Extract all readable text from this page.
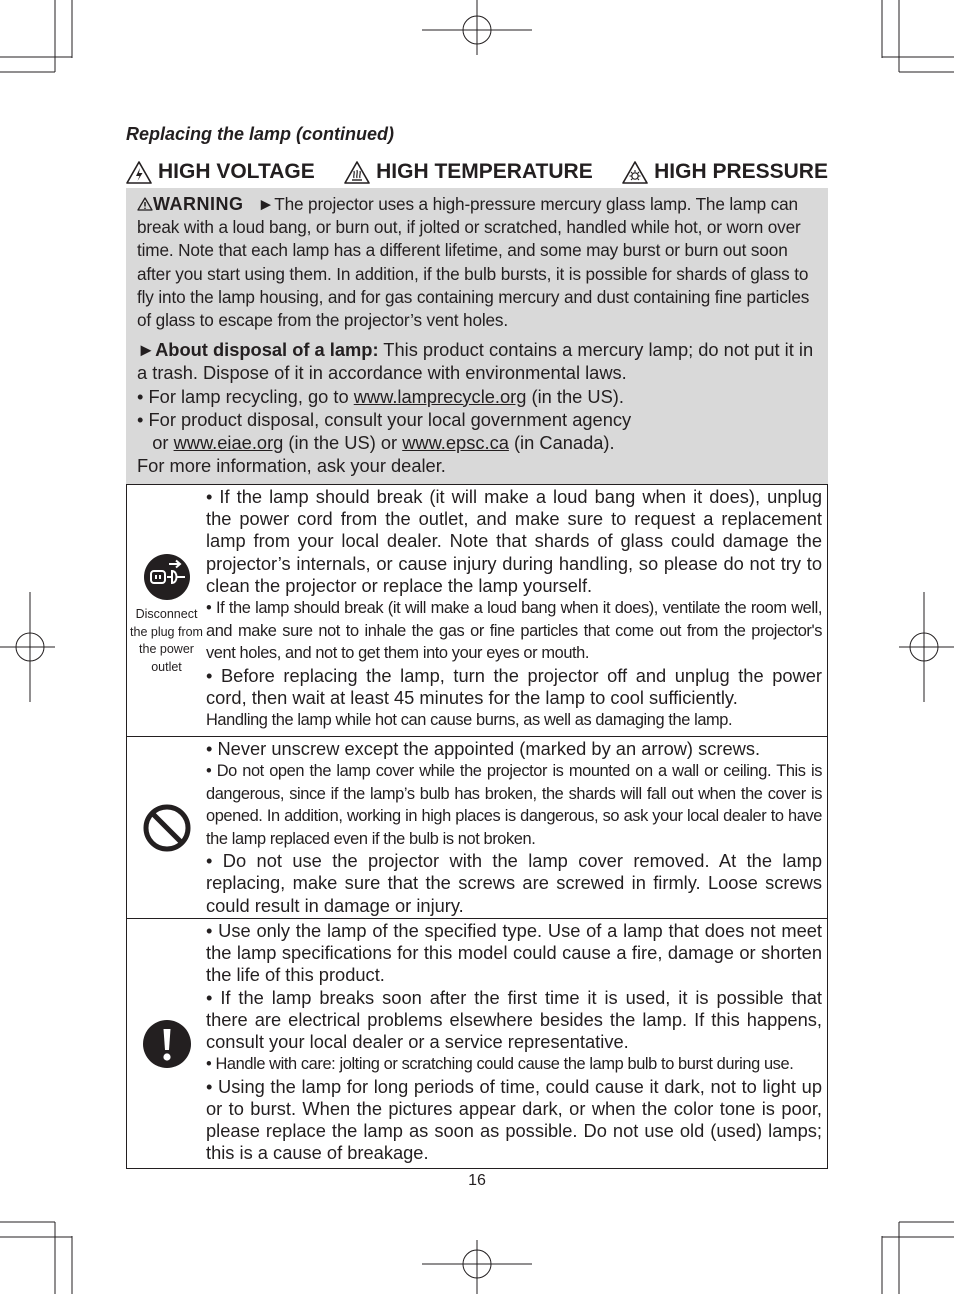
Replacing the lamp (continued)
HIGH VOLTAGE	HIGH TEMPERATURE	HIGH PRESSURE

WARNING ►The projector uses a high-pressure mercury glass lamp. The lamp can break with a loud bang, or burn out, if jolted or scratched, handled while hot, or worn over time. Note that each lamp has a different lifetime, and some may burst or burn out soon after you start using them. In addition, if the bulb bursts, it is possible for shards of glass to fly into the lamp housing, and for gas containing mercury and dust containing fine particles of glass to escape from the projector’s vent holes.

►About disposal of a lamp: This product contains a mercury lamp; do not put it in a trash. Dispose of it in accordance with environmental laws.
• For lamp recycling, go to www.lamprecycle.org (in the US).
• For product disposal, consult your local government agency
or www.eiae.org (in the US) or www.epsc.ca (in Canada).
For more information, ask your dealer.

Disconnect the plug from the power outlet

• If the lamp should break (it will make a loud bang when it does), unplug the power cord from the outlet, and make sure to request a replacement lamp from your local dealer. Note that shards of glass could damage the projector’s internals, or cause injury during handling, so please do not try to clean the projector or replace the lamp yourself.

• If the lamp should break (it will make a loud bang when it does), ventilate the room well, and make sure not to inhale the gas or fine particles that come out from the projector's vent holes, and not to get them into your eyes or mouth.

• Before replacing the lamp, turn the projector off and unplug the power cord, then wait at least 45 minutes for the lamp to cool sufficiently.

Handling the lamp while hot can cause burns, as well as damaging the lamp.

• Never unscrew except the appointed (marked by an arrow) screws.

• Do not open the lamp cover while the projector is mounted on a wall or ceiling. This is dangerous, since if the lamp’s bulb has broken, the shards will fall out when the cover is opened. In addition, working in high places is dangerous, so ask your local dealer to have the lamp replaced even if the bulb is not broken.

• Do not use the projector with the lamp cover removed. At the lamp replacing, make sure that the screws are screwed in firmly. Loose screws could result in damage or injury.

• Use only the lamp of the specified type. Use of a lamp that does not meet the lamp specifications for this model could cause a fire, damage or shorten the life of this product.

• If the lamp breaks soon after the first time it is used, it is possible that there are electrical problems elsewhere besides the lamp. If this happens, consult your local dealer or a service representative.

• Handle with care: jolting or scratching could cause the lamp bulb to burst during use.

• Using the lamp for long periods of time, could cause it dark, not to light up or to burst. When the pictures appear dark, or when the color tone is poor, please replace the lamp as soon as possible. Do not use old (used) lamps; this is a cause of breakage.

16
